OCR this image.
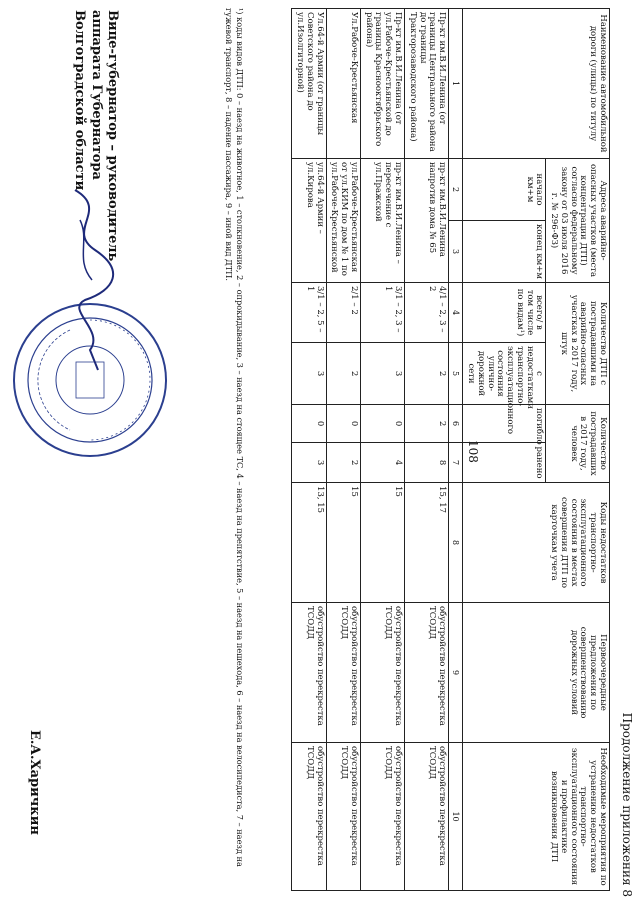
108
Продолжение приложения 8
Наименование автомобильной дороги (улицы) по титулу	Адреса аварийно-опасных участков (места концентрации ДТП) согласно федеральному закону от 03 июля 2016 г. № 296-ФЗ)		Количество ДТП с пострадавшими на аварийно-опасных участках в 2017 году, штук		Количество пострадавших в 2017 году, человек		Коды недостатков транспортно-эксплуатационного состояния в местах совершения ДТП по карточкам учета	Первоочередные предложения по совершенствованию дорожных условий	Необходимые мероприятия по устранению недостатков транспортно-эксплуатационного состояния и профилактике возникновения ДТП
	начало км+м	конец км+м	всего/ в том числе по видам¹)	с недостатками транспортно-эксплуатационного состояния улично-дорожной сети	погибло	ранено			
1	2	3	4	5	6	7	8	9	10
Пр-кт им.В.И.Ленина (от границы Центрального района до границы Тракторозаводского района)	пр-кт им.В.И.Ленина напротив дома № 65		4/1 – 2, 3 – 2	2	2	8	15, 17	обустройство перекрестка ТСОДД	обустройство перекрестка ТСОДД
Пр-кт им.В.И.Ленина (от ул.Рабоче-Крестьянской до границы Краснооктябрьского района)	пр-кт им.В.И.Ленина – пересечение с ул.Пражской		3/1 – 2, 3 – 1	3	0	4	15	обустройство перекрестка ТСОДД	обустройство перекрестка ТСОДД
Ул.Рабоче-Крестьянская	ул.Рабоче-Крестьянская от ул.КИМ по дом № 1 по ул.Рабоче-Крестьянской		2/1 – 2	2	0	2	15	обустройство перекрестка ТСОДД	обустройство перекрестка ТСОДД
Ул.64-й Армии (от границы Советского района до ул.Изолгиторной)	ул.64-й Армии – ул.Кирова		3/1 – 2, 5 – 1	3	0	3	13, 15	обустройство перекрестка ТСОДД	обустройство перекрестка ТСОДД
¹) коды видов ДТП: 0 – наезд на животное, 1 – столкновение, 2 – опрокидывание, 3 – наезд на стоящее ТС, 4 – наезд на препятствие, 5 – наезд на пешехода, 6 – наезд на велосипедиста, 7 – наезд на гужевой транспорт, 8 – падение пассажира, 9 – иной вид ДТП.
Вице-губернатор – руководитель
аппарата Губернатора
Волгоградской области
Е.А.Харичкин
